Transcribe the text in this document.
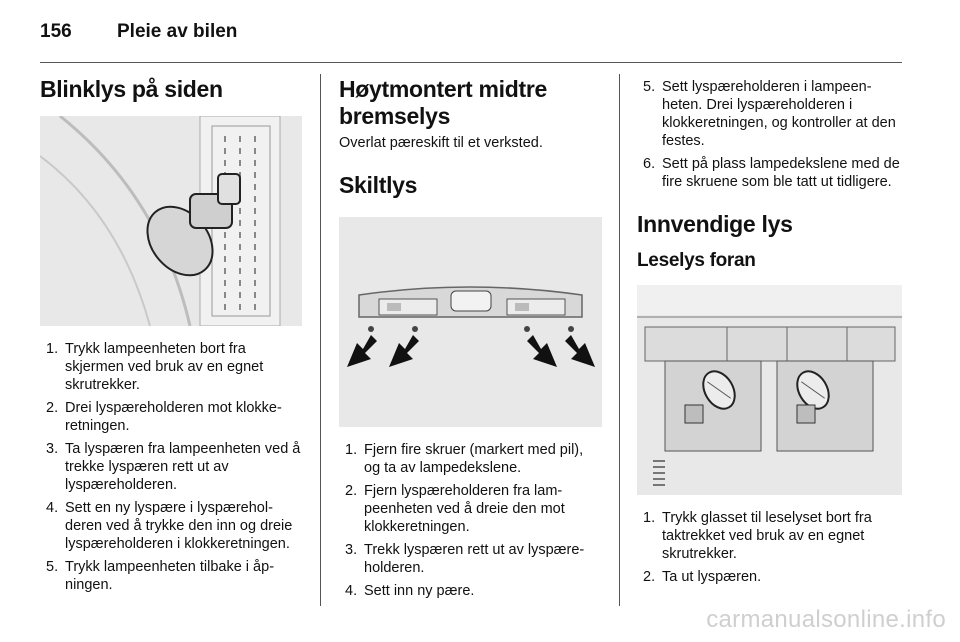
156 Pleie av bilen
Blinklys på siden
1. Trykk lampeenheten bort fra skjermen ved bruk av en egnet skrutrekker.
2. Drei lyspæreholderen mot klokkeretningen.
3. Ta lyspæren fra lampeenheten ved å trekke lyspæren rett ut av lyspæreholderen.
4. Sett en ny lyspære i lyspæreholderen ved å trykke den inn og dreie lyspæreholderen i klokkeretningen.
5. Trykk lampeenheten tilbake i åpningen.
Høytmontert midtre bremselys

Overlat pæreskift til et verksted.

Skiltlys
1. Fjern fire skruer (markert med pil), og ta av lampedekslene.
2. Fjern lyspæreholderen fra lampeenheten ved å dreie den mot klokkeretningen.
3. Trekk lyspæren rett ut av lyspæreholderen.
4. Sett inn ny pære.
5. Sett lyspæreholderen i lampeenheten. Drei lyspæreholderen i klokkeretningen, og kontroller at den festes.
6. Sett på plass lampedekslene med de fire skruene som ble tatt ut tidligere.
Innvendige lys
Leselys foran
1. Trykk glasset til leselyset bort fra taktrekket ved bruk av en egnet skrutrekker.
2. Ta ut lyspæren.
carmanualsonline.info
